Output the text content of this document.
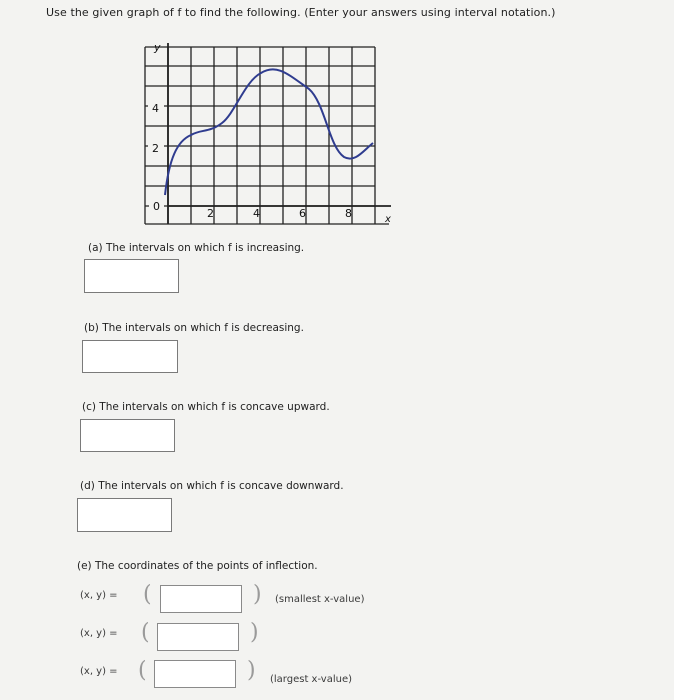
Use the given graph of f to find the following. (Enter your answers using interval notation.)
y
x
4
2
0
2	4	6	8
(a) The intervals on which f is increasing.
(b) The intervals on which f is decreasing.
(c) The intervals on which f is concave upward.
(d) The intervals on which f is concave downward.
(e) The coordinates of the points of inflection.
(x, y) = (	) (smallest x-value)
(x, y) = (	)
(x, y) = (	) (largest x-value)
